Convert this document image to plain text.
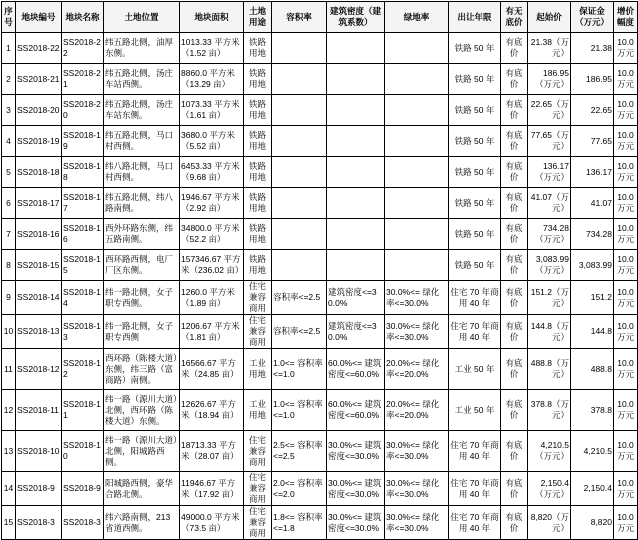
序号	地块编号	地块名称	土地位置	地块面积	土地用途	容积率	建筑密度（建筑系数）	绿地率	出让年限	有无底价	起始价	保证金（万元）	增价幅度
1	SS2018-22	SS2018-22	纬五路北侧，油厚东侧。	1013.33 平方米（1.52 亩）	铁路用地				铁路 50 年	有底价	21.38（万元）	21.38	10.0 万元
2	SS2018-21	SS2018-21	纬五路北侧，汤庄车站西侧。	8860.0 平方米（13.29 亩）	铁路用地				铁路 50 年	有底价	186.95（万元）	186.95	10.0 万元
3	SS2018-20	SS2018-20	纬五路北侧，汤庄车站东侧。	1073.33 平方米（1.61 亩）	铁路用地				铁路 50 年	有底价	22.65（万元）	22.65	10.0 万元
4	SS2018-19	SS2018-19	纬五路北侧，马口村西侧。	3680.0 平方米（5.52 亩）	铁路用地				铁路 50 年	有底价	77.65（万元）	77.65	10.0 万元
5	SS2018-18	SS2018-18	纬八路北侧，马口村西侧。	6453.33 平方米（9.68 亩）	铁路用地				铁路 50 年	有底价	136.17（万元）	136.17	10.0 万元
6	SS2018-17	SS2018-17	纬五路北侧，纬八路南侧。	1946.67 平方米（2.92 亩）	铁路用地				铁路 50 年	有底价	41.07（万元）	41.07	10.0 万元
7	SS2018-16	SS2018-16	西外环路东侧，纬五路南侧。	34800.0 平方米（52.2 亩）	铁路用地				铁路 50 年	有底价	734.28（万元）	734.28	10.0 万元
8	SS2018-15	SS2018-15	西环路西侧，电厂厂区东侧。	157346.67 平方米（236.02 亩）	铁路用地				铁路 50 年	有底价	3,083.99（万元）	3,083.99	10.0 万元
9	SS2018-14	SS2018-14	纬一路北侧，女子职专西侧。	1260.0 平方米（1.89 亩）	住宅兼容商用	容积率<=2.5	建筑密度<=30.0%	30.0%<= 绿化率<=30.0%	住宅 70 年商用 40 年	有底价	151.2（万元）	151.2	10.0 万元
10	SS2018-13	SS2018-13	纬一路北侧，女子职专西侧	1206.67 平方米（1.81 亩）	住宅兼容商用	容积率<=2.5	建筑密度<=30.0%	30.0%<= 绿化率<=30.0%	住宅 70 年商用 40 年	有底价	144.8（万元）	144.8	10.0 万元
11	SS2018-12	SS2018-12	西环路（陈楼大道）东侧，纬三路（富商路）南侧。	16566.67 平方米（24.85 亩）	工业用地	1.0<= 容积率<=1.0	60.0%<= 建筑密度<=60.0%	20.0%<= 绿化率<=20.0%	工业 50 年	有底价	488.8（万元）	488.8	10.0 万元
12	SS2018-11	SS2018-11	纬一路（源川大道）北侧，西环路（陈楼大道）东侧。	12626.67 平方米（18.94 亩）	工业用地	1.0<= 容积率<=1.0	60.0%<= 建筑密度<=60.0%	20.0%<= 绿化率<=20.0%	工业 50 年	有底价	378.8（万元）	378.8	10.0 万元
13	SS2018-10	SS2018-10	纬一路（源川大道）北侧，阳城路西侧。	18713.33 平方米（28.07 亩）	住宅兼容商用	2.5<= 容积率<=2.5	30.0%<= 建筑密度<=30.0%	30.0%<= 绿化率<=30.0%	住宅 70 年商用 40 年	有底价	4,210.5（万元）	4,210.5	10.0 万元
14	SS2018-9	SS2018-9	阳城路西侧，豪华合路北侧。	11946.67 平方米（17.92 亩）	住宅兼容商用	2.0<= 容积率<=2.0	30.0%<= 建筑密度<=30.0%	30.0%<= 绿化率<=30.0%	住宅 70 年商用 40 年	有底价	2,150.4（万元）	2,150.4	10.0 万元
15	SS2018-3	SS2018-3	纬六路南侧，213 省道西侧。	49000.0 平方米（73.5 亩）	住宅兼容商用	1.8<= 容积率<=1.8	30.0%<= 建筑密度<=30.0%	30.0%<= 绿化率<=30.0%	住宅 70 年商用 40 年	有底价	8,820（万元）	8,820	10.0 万元
